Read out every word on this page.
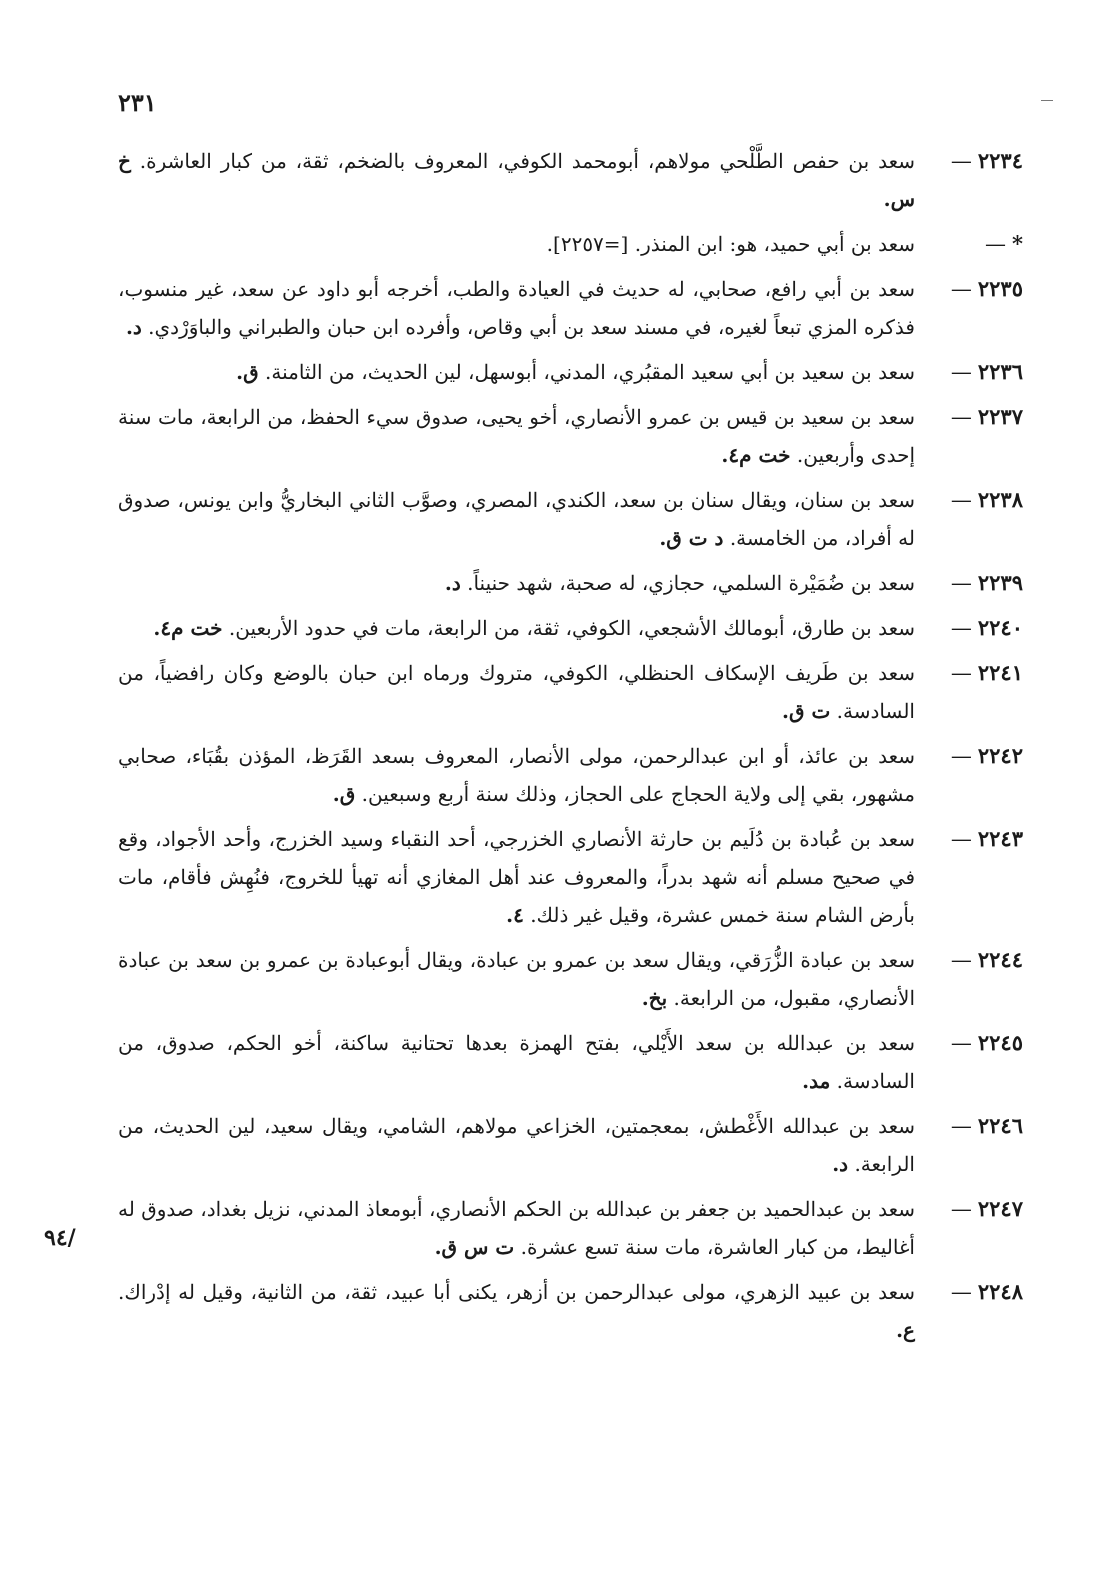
٢٣١
/٩٤
٢٢٣٤—
سعد بن حفص الطَّلْحي مولاهم، أبومحمد الكوفي، المعروف بالضخم، ثقة، من كبار العاشرة. خ س.
*—
سعد بن أبي حميد، هو: ابن المنذر. [=٢٢٥٧].
٢٢٣٥—
سعد بن أبي رافع، صحابي، له حديث في العيادة والطب، أخرجه أبو داود عن سعد، غير منسوب، فذكره المزي تبعاً لغيره، في مسند سعد بن أبي وقاص، وأفرده ابن حبان والطبراني والباوَرْدي. د.
٢٢٣٦—
سعد بن سعيد بن أبي سعيد المقبُري، المدني، أبوسهل، لين الحديث، من الثامنة. ق.
٢٢٣٧—
سعد بن سعيد بن قيس بن عمرو الأنصاري، أخو يحيى، صدوق سيء الحفظ، من الرابعة، مات سنة إحدى وأربعين. خت م٤.
٢٢٣٨—
سعد بن سنان، ويقال سنان بن سعد، الكندي، المصري، وصوَّب الثاني البخاريُّ وابن يونس، صدوق له أفراد، من الخامسة. د ت ق.
٢٢٣٩—
سعد بن ضُمَيْرة السلمي، حجازي، له صحبة، شهد حنيناً. د.
٢٢٤٠—
سعد بن طارق، أبومالك الأشجعي، الكوفي، ثقة، من الرابعة، مات في حدود الأربعين. خت م٤.
٢٢٤١—
سعد بن طَريف الإسكاف الحنظلي، الكوفي، متروك ورماه ابن حبان بالوضع وكان رافضياً، من السادسة. ت ق.
٢٢٤٢—
سعد بن عائذ، أو ابن عبدالرحمن، مولى الأنصار، المعروف بسعد القَرَظ، المؤذن بقُبَاء، صحابي مشهور، بقي إلى ولاية الحجاج على الحجاز، وذلك سنة أربع وسبعين. ق.
٢٢٤٣—
سعد بن عُبادة بن دُلَيم بن حارثة الأنصاري الخزرجي، أحد النقباء وسيد الخزرج، وأحد الأجواد، وقع في صحيح مسلم أنه شهد بدراً، والمعروف عند أهل المغازي أنه تهيأ للخروج، فنُهِش فأقام، مات بأرض الشام سنة خمس عشرة، وقيل غير ذلك. ٤.
٢٢٤٤—
سعد بن عبادة الزُّرَقي، ويقال سعد بن عمرو بن عبادة، ويقال أبوعبادة بن عمرو بن سعد بن عبادة الأنصاري، مقبول، من الرابعة. بخ.
٢٢٤٥—
سعد بن عبدالله بن سعد الأَيْلي، بفتح الهمزة بعدها تحتانية ساكنة، أخو الحكم، صدوق، من السادسة. مد.
٢٢٤٦—
سعد بن عبدالله الأَغْطش، بمعجمتين، الخزاعي مولاهم، الشامي، ويقال سعيد، لين الحديث، من الرابعة. د.
٢٢٤٧—
سعد بن عبدالحميد بن جعفر بن عبدالله بن الحكم الأنصاري، أبومعاذ المدني، نزيل بغداد، صدوق له أغاليط، من كبار العاشرة، مات سنة تسع عشرة. ت س ق.
٢٢٤٨—
سعد بن عبيد الزهري، مولى عبدالرحمن بن أزهر، يكنى أبا عبيد، ثقة، من الثانية، وقيل له إدْراك. ع.
